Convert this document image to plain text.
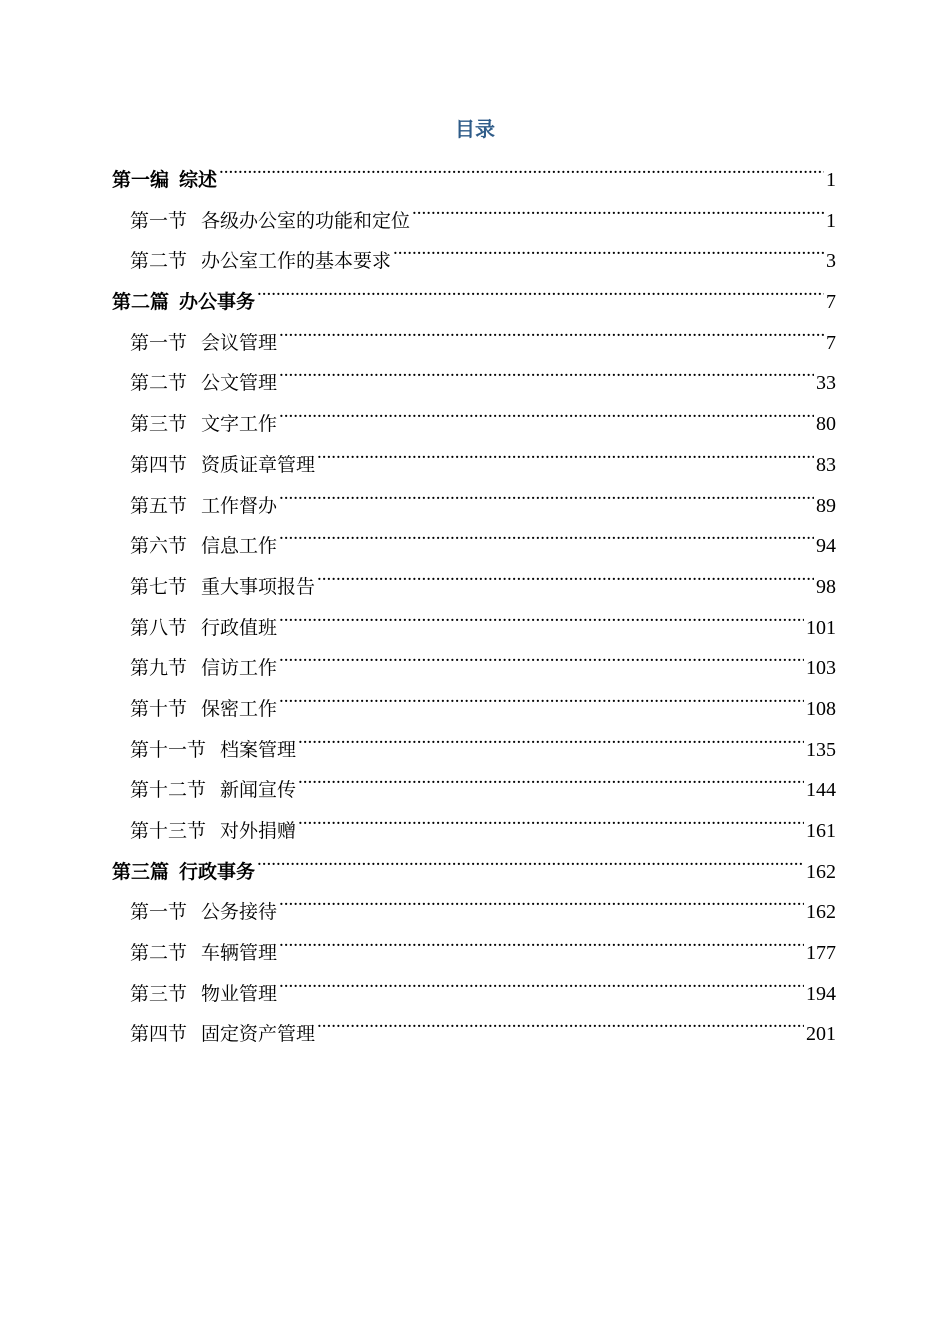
目录
第一编 综述 .....	1
第一节 各级办公室的功能和定位 .....	1
第二节 办公室工作的基本要求 .....	3
第二篇 办公事务 .....	7
第一节 会议管理 .....	7
第二节 公文管理 .....	33
第三节 文字工作 .....	80
第四节 资质证章管理 .....	83
第五节 工作督办 .....	89
第六节 信息工作 .....	94
第七节 重大事项报告 .....	98
第八节 行政值班 .....	101
第九节 信访工作 .....	103
第十节 保密工作 .....	108
第十一节 档案管理 .....	135
第十二节 新闻宣传 .....	144
第十三节 对外捐赠 .....	161
第三篇 行政事务 .....	162
第一节 公务接待 .....	162
第二节 车辆管理 .....	177
第三节 物业管理 .....	194
第四节 固定资产管理 .....	201
